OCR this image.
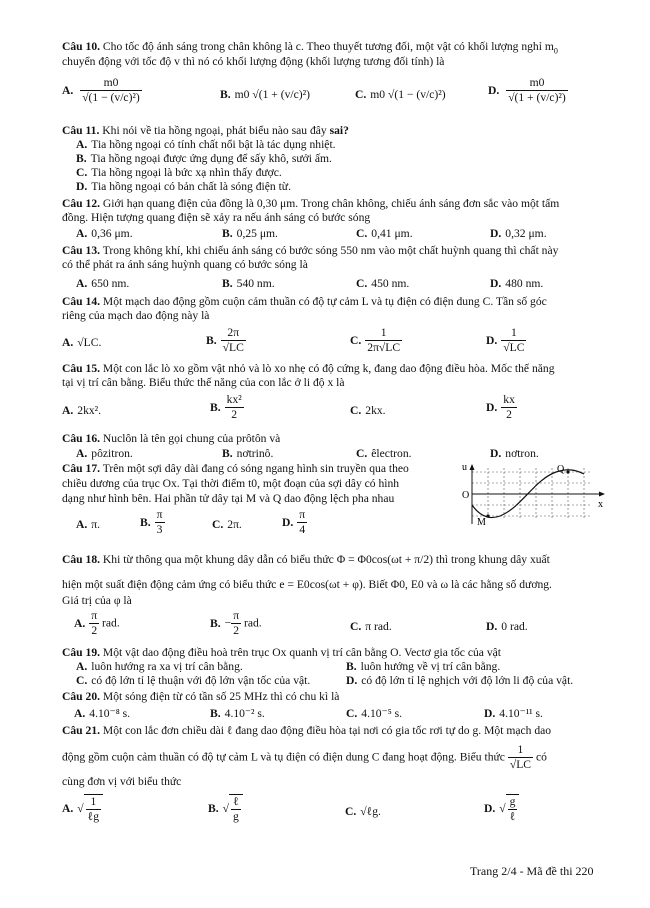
Câu 10. Cho tốc độ ánh sáng trong chân không là c. Theo thuyết tương đối, một vật có khối lượng nghỉ $m_0$
chuyển động với tốc độ v thì nó có khối lượng động (khối lượng tương đối tính) là
A. $\frac{m0}{\text{√(1 − (v/c)²)}}$	B. m0 √(1 + (v/c)²)	C. m0 √(1 − (v/c)²)	D. $\frac{m0}{\text{√(1 + (v/c)²)}}$
Câu 11. Khi nói về tia hồng ngoại, phát biểu nào sau đây sai?
A. Tia hồng ngoại có tính chất nổi bật là tác dụng nhiệt.
B. Tia hồng ngoại được ứng dụng để sấy khô, sưởi ấm.
C. Tia hồng ngoại là bức xạ nhìn thấy được.
D. Tia hồng ngoại có bản chất là sóng điện từ.
Câu 12. Giới hạn quang điện của đồng là 0,30 μm. Trong chân không, chiếu ánh sáng đơn sắc vào một tấm
đồng. Hiện tượng quang điện sẽ xảy ra nếu ánh sáng có bước sóng
A. 0,36 μm.	B. 0,25 μm.	C. 0,41 μm.	D. 0,32 μm.
Câu 13. Trong không khí, khi chiếu ánh sáng có bước sóng 550 nm vào một chất huỳnh quang thì chất này
có thể phát ra ánh sáng huỳnh quang có bước sóng là
A. 650 nm.	B. 540 nm.	C. 450 nm.	D. 480 nm.
Câu 14. Một mạch dao động gồm cuộn cảm thuần có độ tự cảm L và tụ điện có điện dung C. Tần số góc
riêng của mạch dao động này là
A. √LC.	B. $\frac{2\pi}{√LC}$	C. $\frac{1}{2\pi√LC}$	D. $\frac{1}{√LC}$
Câu 15. Một con lắc lò xo gồm vật nhỏ và lò xo nhẹ có độ cứng k, đang dao động điều hòa. Mốc thế năng
tại vị trí cân bằng. Biểu thức thế năng của con lắc ở li độ x là
A. 2kx².	B. $\frac{\text{kx²}}{2}$	C. 2kx.	D. $\frac{kx}{2}$
Câu 16. Nuclôn là tên gọi chung của prôtôn và
A. pôzitron.	B. nơtrinô.	C. êlectron.	D. nơtron.
Câu 17. Trên một sợi dây dài đang có sóng ngang hình sin truyền qua theo
chiều dương của trục Ox. Tại thời điểm t0, một đoạn của sợi dây có hình
dạng như hình bên. Hai phần tử dây tại M và Q dao động lệch pha nhau
u
O
x
M
Q
A. π.	B. $\frac{\pi}{3}$	C. 2π.	D. $\frac{\pi}{4}$
Câu 18. Khi từ thông qua một khung dây dẫn có biểu thức Φ = Φ0cos(ωt + π/2) thì trong khung dây xuất
hiện một suất điện động cảm ứng có biểu thức e = E0cos(ωt + φ). Biết Φ0, E0 và ω là các hằng số dương.
Giá trị của φ là
A. $\frac{\pi}{2}$ rad.	B. − $\frac{\pi}{2}$ rad.	C. π rad.	D. 0 rad.
Câu 19. Một vật dao động điều hoà trên trục Ox quanh vị trí cân bằng O. Vectơ gia tốc của vật
A. luôn hướng ra xa vị trí cân bằng.	B. luôn hướng về vị trí cân bằng.
C. có độ lớn tỉ lệ thuận với độ lớn vận tốc của vật.	D. có độ lớn tỉ lệ nghịch với độ lớn li độ của vật.
Câu 20. Một sóng điện từ có tần số 25 MHz thì có chu kì là
A. 4.10⁻⁸ s.	B. 4.10⁻² s.	C. 4.10⁻⁵ s.	D. 4.10⁻¹¹ s.
Câu 21. Một con lắc đơn chiều dài ℓ đang dao động điều hòa tại nơi có gia tốc rơi tự do g. Một mạch dao
động gồm cuộn cảm thuần có độ tự cảm L và tụ điện có điện dung C đang hoạt động. Biểu thức $\frac{1}{√LC}$ có
cùng đơn vị với biểu thức
A. √ $\frac{1}{\text{ℓg}}$	B. √ $\frac{\text{ℓ}}{g}$	C. √ℓg.	D. √ $\frac{g}{\text{ℓ}}$
Trang 2/4 - Mã đề thi 220
